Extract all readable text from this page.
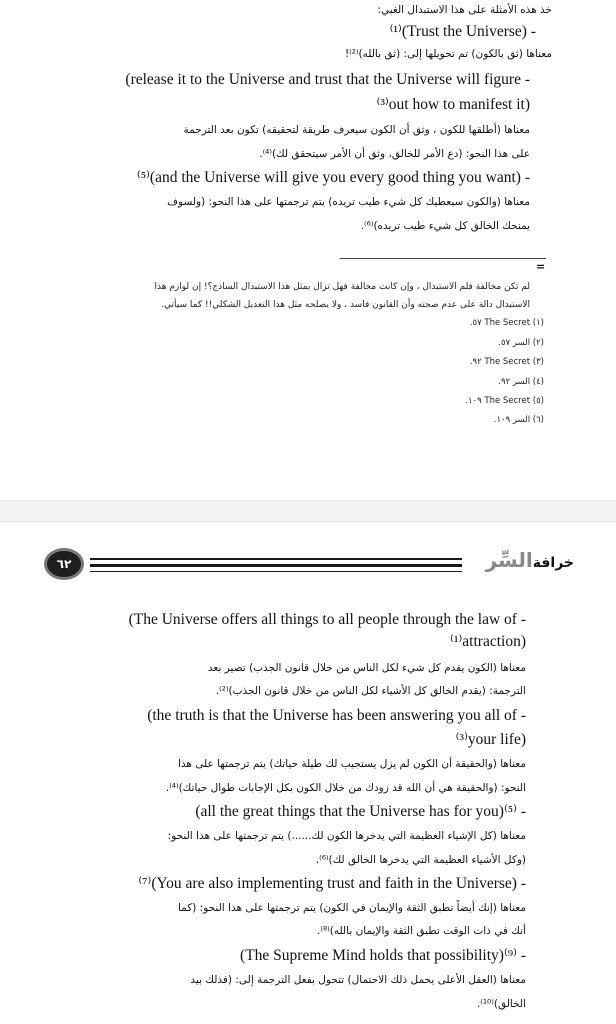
خذ هذه الأمثلة على هذا الاستبدال الغبي:
⁽¹⁾(Trust the Universe) -
معناها (ثق بالكون) تم تحويلها إلى: (ثق بالله)⁽²⁾!
(release it to the Universe and trust that the Universe will figure -
⁽³⁾out how to manifest it)
معناها (أطلقها للكون ، وثق أن الكون سيعرف طريقة لتحقيقه) تكون بعد الترجمة
على هذا النحو: (دع الأمر للخالق، وثق أن الأمر سيتحقق لك)⁽⁴⁾.
⁽⁵⁾(and the Universe will give you every good thing you want) -
معناها (والكون سيعطيك كل شيء طيب تريده) يتم ترجمتها على هذا النحو: (ولسوف
يمنحك الخالق كل شيء طيب تريده)⁽⁶⁾.
=
لم تكن مخالفة فلم الاستبدال ، وإن كانت مخالفة فهل تزال بمثل هذا الاستبدال الساذج؟! إن لوازم هذا
الاستبدال دالة على عدم صحته وأن القانون فاسد ، ولا يصلحه مثل هذا التعديل الشكلي!! كما سيأتي.
(١) The Secret ٥٧.
(٢) السر ٥٧.
(٣) The Secret ٩٢.
(٤) السر ٩٢.
(٥) The Secret ١٠٩.
(٦) السر ١٠٩.
٦٢	خرافةالسِّر
(The Universe offers all things to all people through the law of -
⁽¹⁾attraction)
معناها (الكون يقدم كل شيء لكل الناس من خلال قانون الجذب) تصير بعد
الترجمة: (يقدم الخالق كل الأشياء لكل الناس من خلال قانون الجذب)⁽²⁾.
(the truth is that the Universe has been answering you all of -
⁽³⁾your life)
معناها (والحقيقة أن الكون لم يزل يستجيب لك طيلة حياتك) يتم ترجمتها على هذا
النحو: (والحقيقة هي أن الله قد زودك من خلال الكون بكل الإجابات طوال حياتك)⁽⁴⁾.
(all the great things that the Universe has for you)⁽⁵⁾ -
معناها (كل الإشياء العظيمة التي يدخرها الكون لك......) يتم ترجمتها على هذا النحو:
(وكل الأشياء العظيمة التي يدخرها الخالق لك)⁽⁶⁾.
⁽⁷⁾(You are also implementing trust and faith in the Universe) -
معناها (إنك أيضاً تطبق الثقة والإيمان في الكون) يتم ترجمتها على هذا النحو: (كما
أنك في ذات الوقت تطبق الثقة والإيمان بالله)⁽⁸⁾.
(The Supreme Mind holds that possibility)⁽⁹⁾ -
معناها (العقل الأعلى يحمل ذلك الاحتمال) تتحول بفعل الترجمة إلى: (فذلك بيد
الخالق)⁽¹⁰⁾.
